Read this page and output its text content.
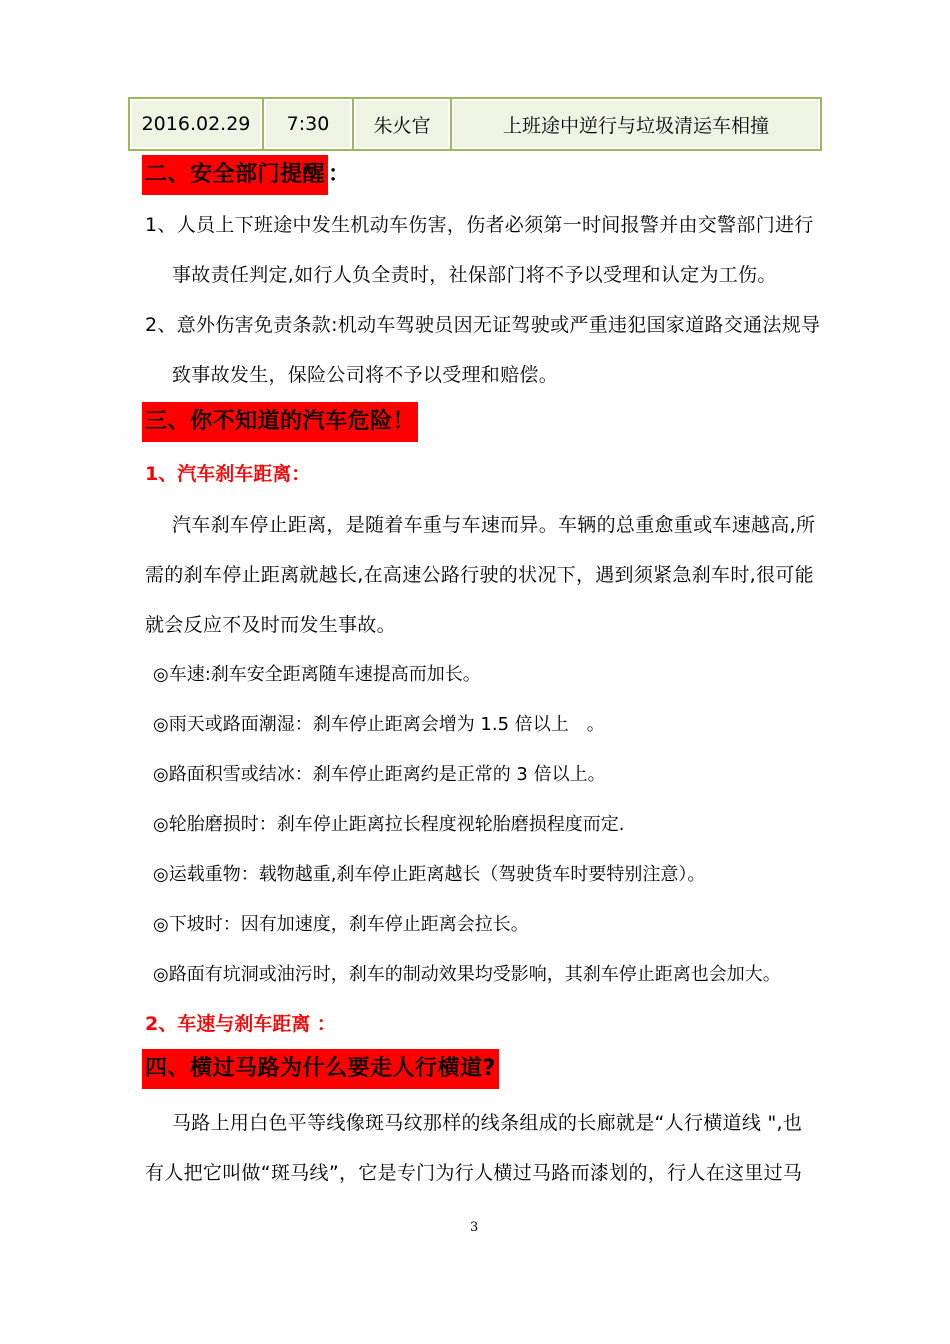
2016.02.29	7:30	朱火官	上班途中逆行与垃圾清运车相撞
二、安全部门提醒 ：
1、人员上下班途中发生机动车伤害，伤者必须第一时间报警并由交警部门进行
事故责任判定,如行人负全责时，社保部门将不予以受理和认定为工伤。
2、意外伤害免责条款:机动车驾驶员因无证驾驶或严重违犯国家道路交通法规导
致事故发生，保险公司将不予以受理和赔偿。
三、你不知道的汽车危险！
1、汽车刹车距离：
汽车刹车停止距离，是随着车重与车速而异。车辆的总重愈重或车速越高,所
需的刹车停止距离就越长,在高速公路行驶的状况下，遇到须紧急刹车时,很可能
就会反应不及时而发生事故。
◎车速:刹车安全距离随车速提高而加长。
◎雨天或路面潮湿：刹车停止距离会增为 1.5 倍以上　。
◎路面积雪或结冰：刹车停止距离约是正常的 3 倍以上。
◎轮胎磨损时：刹车停止距离拉长程度视轮胎磨损程度而定.
◎运载重物：载物越重,刹车停止距离越长（驾驶货车时要特别注意）。
◎下坡时：因有加速度，刹车停止距离会拉长。
◎路面有坑洞或油污时，刹车的制动效果均受影响，其刹车停止距离也会加大。
2、车速与刹车距离 ：
四、横过马路为什么要走人行横道?
马路上用白色平等线像斑马纹那样的线条组成的长廊就是“人行横道线 ",也
有人把它叫做“斑马线”，它是专门为行人横过马路而漆划的，行人在这里过马
3
